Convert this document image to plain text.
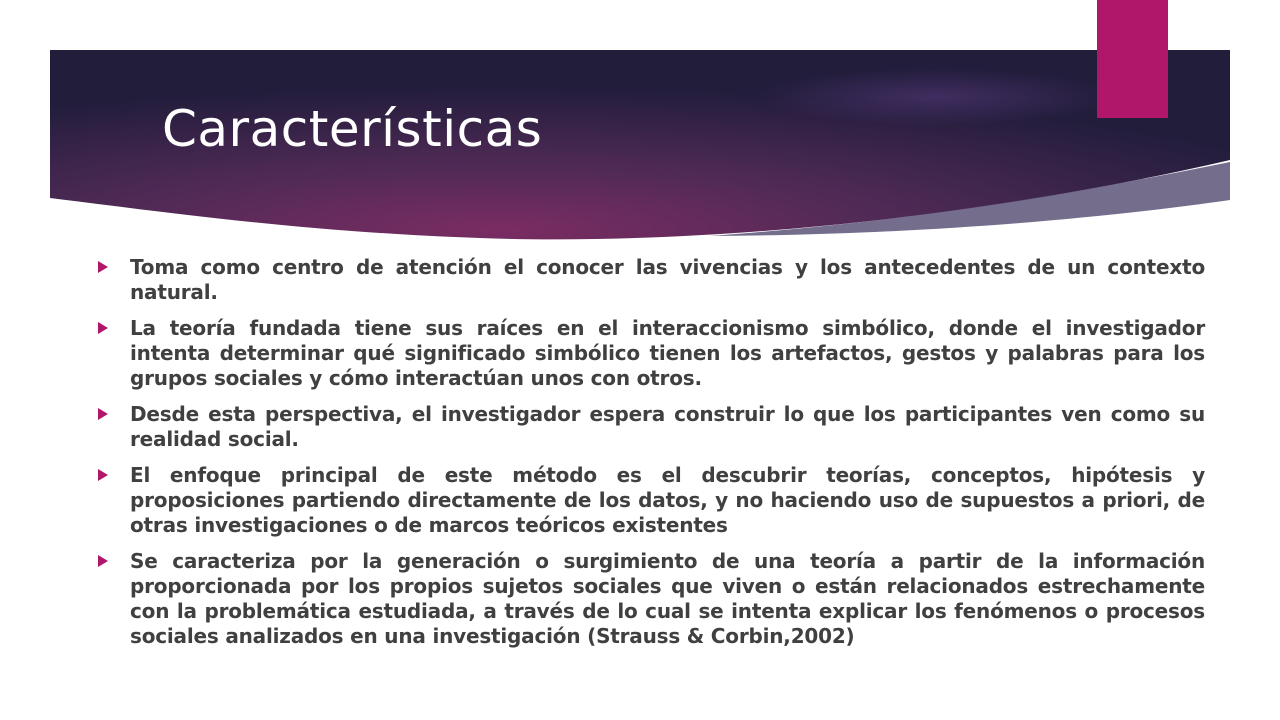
Características
Toma como centro de atención el conocer las vivencias y los antecedentes de un contexto natural.
La teoría fundada tiene sus raíces en el interaccionismo simbólico, donde el investigador intenta determinar qué significado simbólico tienen los artefactos, gestos y palabras para los grupos sociales y cómo interactúan unos con otros.
Desde esta perspectiva, el investigador espera construir lo que los participantes ven como su realidad social.
El enfoque principal de este método es el descubrir teorías, conceptos, hipótesis y proposiciones partiendo directamente de los datos, y no haciendo uso de supuestos a priori, de otras investigaciones o de marcos teóricos existentes
Se caracteriza por la generación o surgimiento de una teoría a partir de la información proporcionada por los propios sujetos sociales que viven o están relacionados estrechamente con la problemática estudiada, a través de lo cual se intenta explicar los fenómenos o procesos sociales analizados en una investigación (Strauss & Corbin,2002)
